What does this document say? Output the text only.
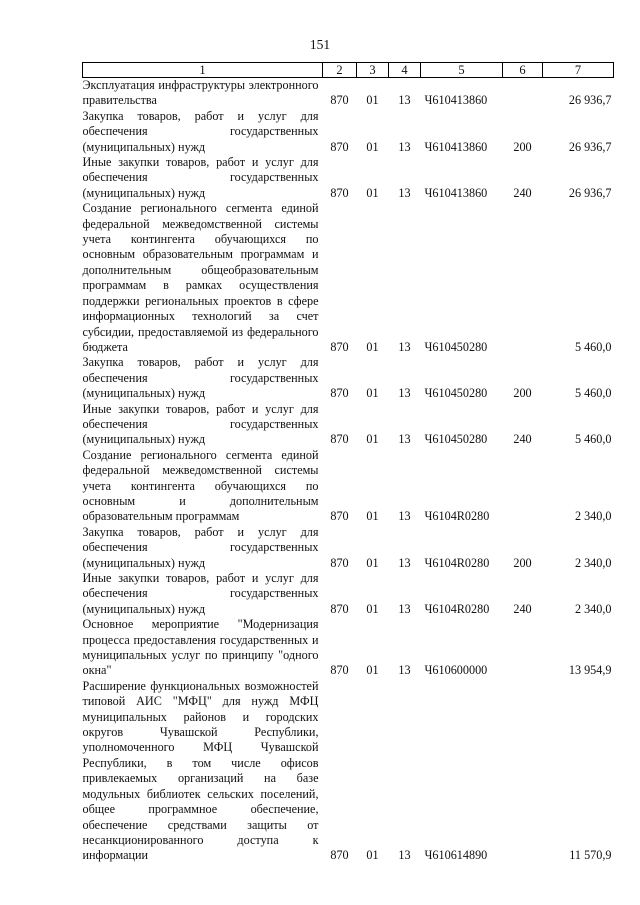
151
1	2	3	4	5	6	7
Эксплуатация инфраструктуры электронного правительства	870	01	13	Ч610413860		26 936,7
Закупка товаров, работ и услуг для обеспечения государственных (муниципальных) нужд	870	01	13	Ч610413860	200	26 936,7
Иные закупки товаров, работ и услуг для обеспечения государственных (муниципальных) нужд	870	01	13	Ч610413860	240	26 936,7
Создание регионального сегмента единой федеральной межведомственной системы учета контингента обучающихся по основным образовательным программам и дополнительным общеобразовательным программам в рамках осуществления поддержки региональных проектов в сфере информационных технологий за счет субсидии, предоставляемой из федерального бюджета	870	01	13	Ч610450280		5 460,0
Закупка товаров, работ и услуг для обеспечения государственных (муниципальных) нужд	870	01	13	Ч610450280	200	5 460,0
Иные закупки товаров, работ и услуг для обеспечения государственных (муниципальных) нужд	870	01	13	Ч610450280	240	5 460,0
Создание регионального сегмента единой федеральной межведомственной системы учета контингента обучающихся по основным и дополнительным образовательным программам	870	01	13	Ч6104R0280		2 340,0
Закупка товаров, работ и услуг для обеспечения государственных (муниципальных) нужд	870	01	13	Ч6104R0280	200	2 340,0
Иные закупки товаров, работ и услуг для обеспечения государственных (муниципальных) нужд	870	01	13	Ч6104R0280	240	2 340,0
Основное мероприятие "Модернизация процесса предоставления государственных и муниципальных услуг по принципу "одного окна"	870	01	13	Ч610600000		13 954,9
Расширение функциональных возможностей типовой АИС "МФЦ" для нужд МФЦ муниципальных районов и городских округов Чувашской Республики, уполномоченного МФЦ Чувашской Республики, в том числе офисов привлекаемых организаций на базе модульных библиотек сельских поселений, общее программное обеспечение, обеспечение средствами защиты от несанкционированного доступа к информации	870	01	13	Ч610614890		11 570,9
